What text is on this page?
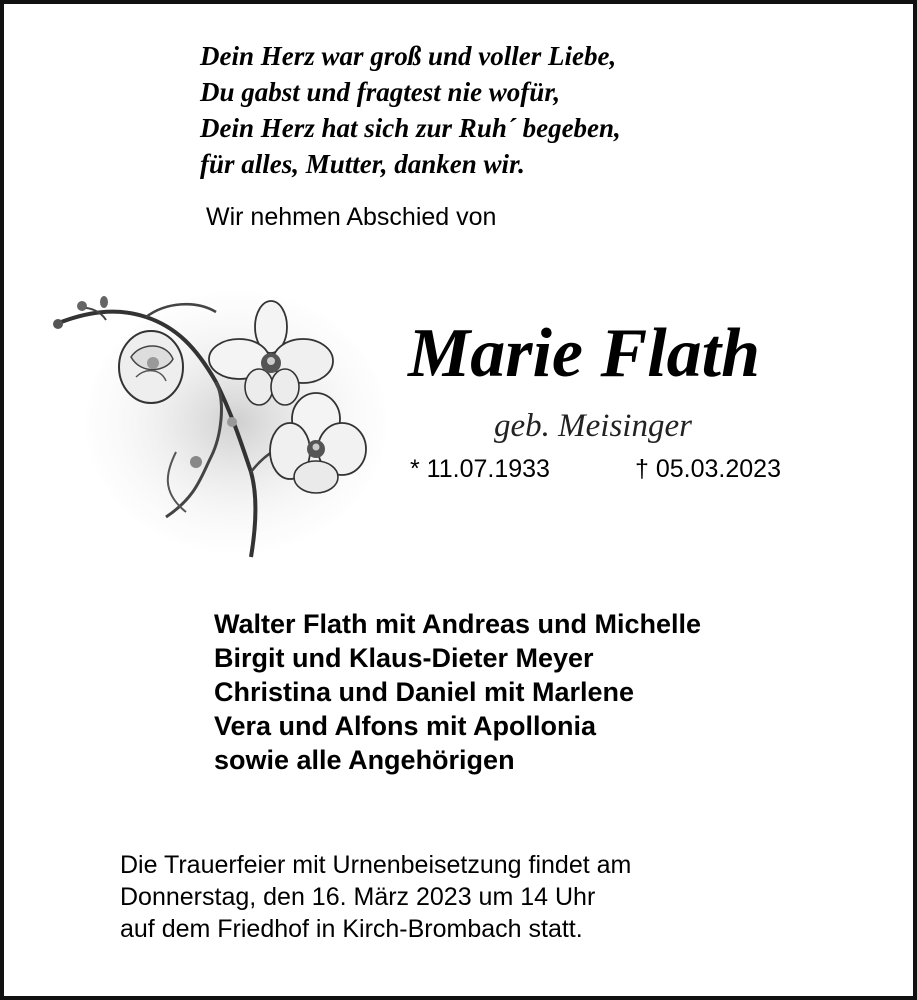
Dein Herz war groß und voller Liebe,
Du gabst und fragtest nie wofür,
Dein Herz hat sich zur Ruh´ begeben,
für alles, Mutter, danken wir.
Wir nehmen Abschied von
Marie Flath
geb. Meisinger
* 11.07.1933	† 05.03.2023
Walter Flath mit Andreas und Michelle
Birgit und Klaus-Dieter Meyer
Christina und Daniel mit Marlene
Vera und Alfons mit Apollonia
sowie alle Angehörigen
Die Trauerfeier mit Urnenbeisetzung findet am
Donnerstag, den 16. März 2023 um 14 Uhr
auf dem Friedhof in Kirch-Brombach statt.
